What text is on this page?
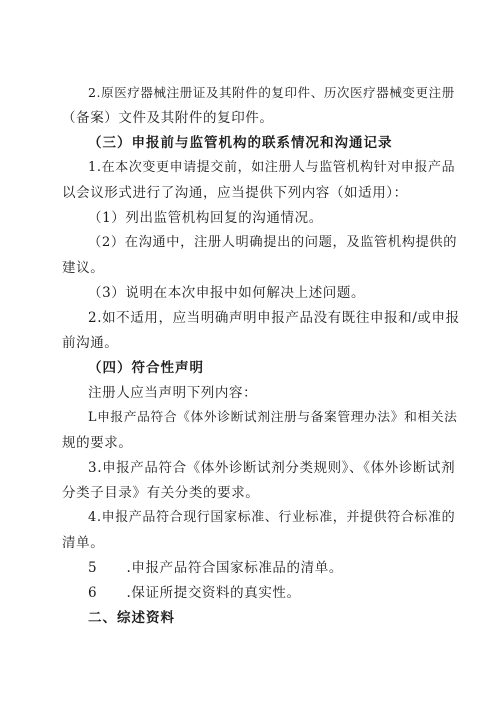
2.原医疗器械注册证及其附件的复印件、历次医疗器械变更注册
（备案）文件及其附件的复印件。
（三）申报前与监管机构的联系情况和沟通记录
1.在本次变更申请提交前，如注册人与监管机构针对申报产品
以会议形式进行了沟通，应当提供下列内容（如适用）：
（1）列出监管机构回复的沟通情况。
（2）在沟通中，注册人明确提出的问题，及监管机构提供的
建议。
（3）说明在本次申报中如何解决上述问题。
2.如不适用，应当明确声明申报产品没有既往申报和/或申报
前沟通。
（四）符合性声明
注册人应当声明下列内容：
L申报产品符合《体外诊断试剂注册与备案管理办法》和相关法
规的要求。
3.申报产品符合《体外诊断试剂分类规则》、《体外诊断试剂
分类子目录》有关分类的要求。
4.申报产品符合现行国家标准、行业标准，并提供符合标准的
清单。
5      .申报产品符合国家标准品的清单。
6      .保证所提交资料的真实性。
二、综述资料
